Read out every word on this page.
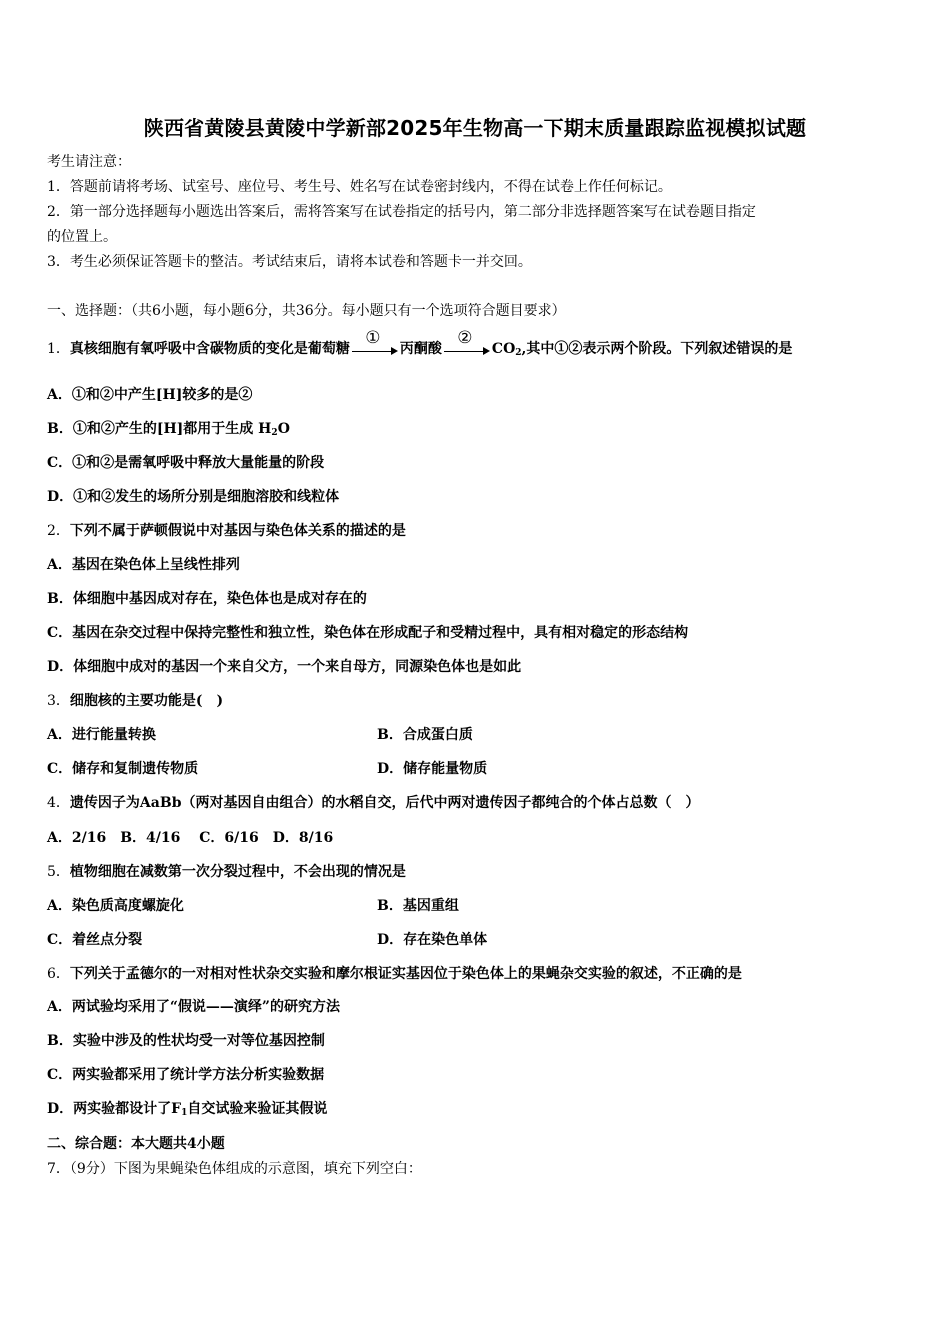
陕西省黄陵县黄陵中学新部2025年生物高一下期末质量跟踪监视模拟试题
考生请注意：
1．答题前请将考场、试室号、座位号、考生号、姓名写在试卷密封线内，不得在试卷上作任何标记。
2．第一部分选择题每小题选出答案后，需将答案写在试卷指定的括号内，第二部分非选择题答案写在试卷题目指定
的位置上。
3．考生必须保证答题卡的整洁。考试结束后，请将本试卷和答题卡一并交回。
一、选择题：（共6小题，每小题6分，共36分。每小题只有一个选项符合题目要求）
1．真核细胞有氧呼吸中含碳物质的变化是葡萄糖
①
丙酮酸
②
$CO_2$,其中①②表示两个阶段。下列叙述错误的是
A．①和②中产生[H]较多的是②
B．①和②产生的[H]都用于生成 $H_2O$
C．①和②是需氧呼吸中释放大量能量的阶段
D．①和②发生的场所分别是细胞溶胶和线粒体
2．下列不属于萨顿假说中对基因与染色体关系的描述的是
A．基因在染色体上呈线性排列
B．体细胞中基因成对存在，染色体也是成对存在的
C．基因在杂交过程中保持完整性和独立性，染色体在形成配子和受精过程中，具有相对稳定的形态结构
D．体细胞中成对的基因一个来自父方，一个来自母方，同源染色体也是如此
3．细胞核的主要功能是(　)
A．进行能量转换	B．合成蛋白质
C．储存和复制遗传物质	D．储存能量物质
4．遗传因子为AaBb（两对基因自由组合）的水稻自交，后代中两对遗传因子都纯合的个体占总数（　）
A．2/16　B．4/16　 C．6/16　D．8/16
5．植物细胞在减数第一次分裂过程中，不会出现的情况是
A．染色质高度螺旋化	B．基因重组
C．着丝点分裂	D．存在染色单体
6．下列关于孟德尔的一对相对性状杂交实验和摩尔根证实基因位于染色体上的果蝇杂交实验的叙述，不正确的是
A．两试验均采用了“假说——演绎”的研究方法
B．实验中涉及的性状均受一对等位基因控制
C．两实验都采用了统计学方法分析实验数据
D．两实验都设计了$F_1$自交试验来验证其假说
二、综合题：本大题共4小题
7．（9分）下图为果蝇染色体组成的示意图，填充下列空白：
